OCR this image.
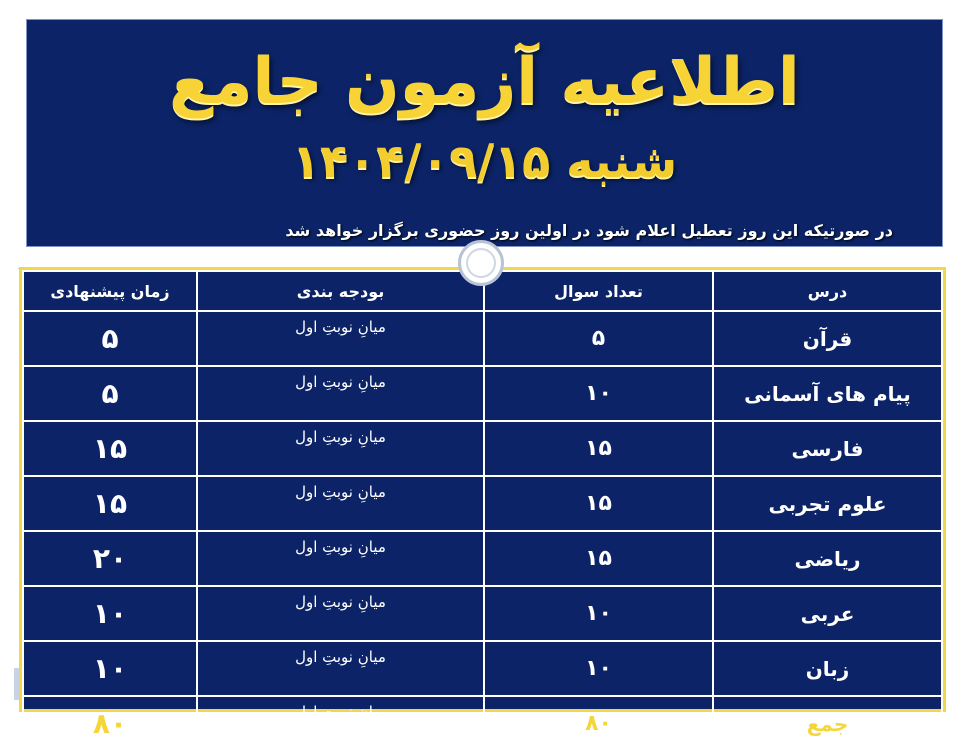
اطلاعیه آزمون جامع
شنبه ۱۴۰۴/۰۹/۱۵
در صورتیکه این روز تعطیل اعلام شود در اولین روز حضوری برگزار خواهد شد
درس	تعداد سوال	بودجه بندی	زمان پیشنهادی
قرآن	۵	میانِ نوبتِ اول	۵
پیام های آسمانی	۱۰	میانِ نوبتِ اول	۵
فارسی	۱۵	میانِ نوبتِ اول	۱۵
علوم تجربی	۱۵	میانِ نوبتِ اول	۱۵
ریاضی	۱۵	میانِ نوبتِ اول	۲۰
عربی	۱۰	میانِ نوبتِ اول	۱۰
زبان	۱۰	میانِ نوبتِ اول	۱۰
جمع	۸۰	میانِ نوبتِ اول	۸۰
